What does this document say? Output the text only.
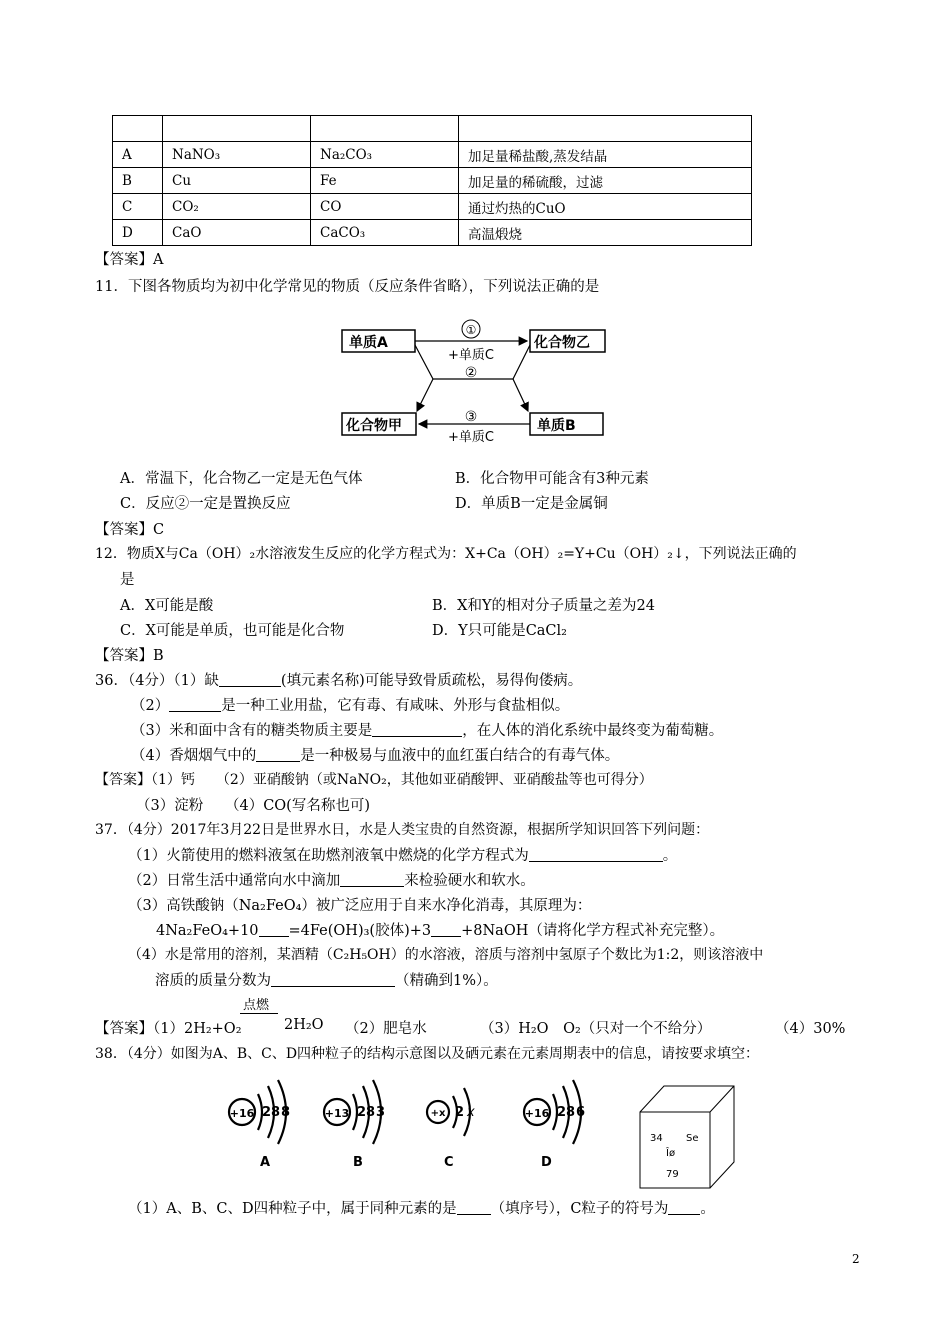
A	NaNO₃	Na₂CO₃	加足量稀盐酸,蒸发结晶
B	Cu	Fe	加足量的稀硫酸，过滤
C	CO₂	CO	通过灼热的CuO
D	CaO	CaCO₃	高温煅烧
【答案】A
11．下图各物质均为初中化学常见的物质（反应条件省略），下列说法正确的是
单质A	化合物乙
化合物甲	单质B
①
+单质C
②
③
+单质C
A．常温下，化合物乙一定是无色气体	B．化合物甲可能含有3种元素
C．反应②一定是置换反应	D．单质B一定是金属铜
【答案】C
12．物质X与Ca（OH）₂水溶液发生反应的化学方程式为：X+Ca（OH）₂=Y+Cu（OH）₂↓，下列说法正确的
是
A．X可能是酸	B．X和Y的相对分子质量之差为24
C．X可能是单质，也可能是化合物	D．Y只可能是CaCl₂
【答案】B
36．（4分）（1）缺	(填元素名称)可能导致骨质疏松，易得佝偻病。
（2）	是一种工业用盐，它有毒、有咸味、外形与食盐相似。
（3）米和面中含有的糖类物质主要是	，在人体的消化系统中最终变为葡萄糖。
（4）香烟烟气中的	是一种极易与血液中的血红蛋白结合的有毒气体。
【答案】（1）钙　　（2）亚硝酸钠（或NaNO₂，其他如亚硝酸钾、亚硝酸盐等也可得分）
（3）淀粉　　（4）CO(写名称也可)
37．（4分）2017年3月22日是世界水日，水是人类宝贵的自然资源，根据所学知识回答下列问题：
（1）火箭使用的燃料液氢在助燃剂液氧中燃烧的化学方程式为	。
（2）日常生活中通常向水中滴加	来检验硬水和软水。
（3）高铁酸钠（Na₂FeO₄）被广泛应用于自来水净化消毒，其原理为：
4Na₂FeO₄+10 =4Fe(OH)₃(胶体)+3 +8NaOH（请将化学方程式补充完整）。
（4）水是常用的溶剂，某酒精（C₂H₅OH）的水溶液，溶质与溶剂中氢原子个数比为1:2，则该溶液中
溶质的质量分数为	（精确到1%）。
点燃
【答案】（1）2H₂+O₂	2H₂O （2）肥皂水	（3）H₂O　O₂（只对一个不给分）	（4）30%
38．（4分）如图为A、B、C、D四种粒子的结构示意图以及硒元素在元素周期表中的信息，请按要求填空：
+16 2 8 8
A
+13 2 8 3
B
+x 2 x
C
+16 2 8 6
D
34 Se
Îø
79
（1）A、B、C、D四种粒子中，属于同种元素的是 （填序号），C粒子的符号为 。
2
